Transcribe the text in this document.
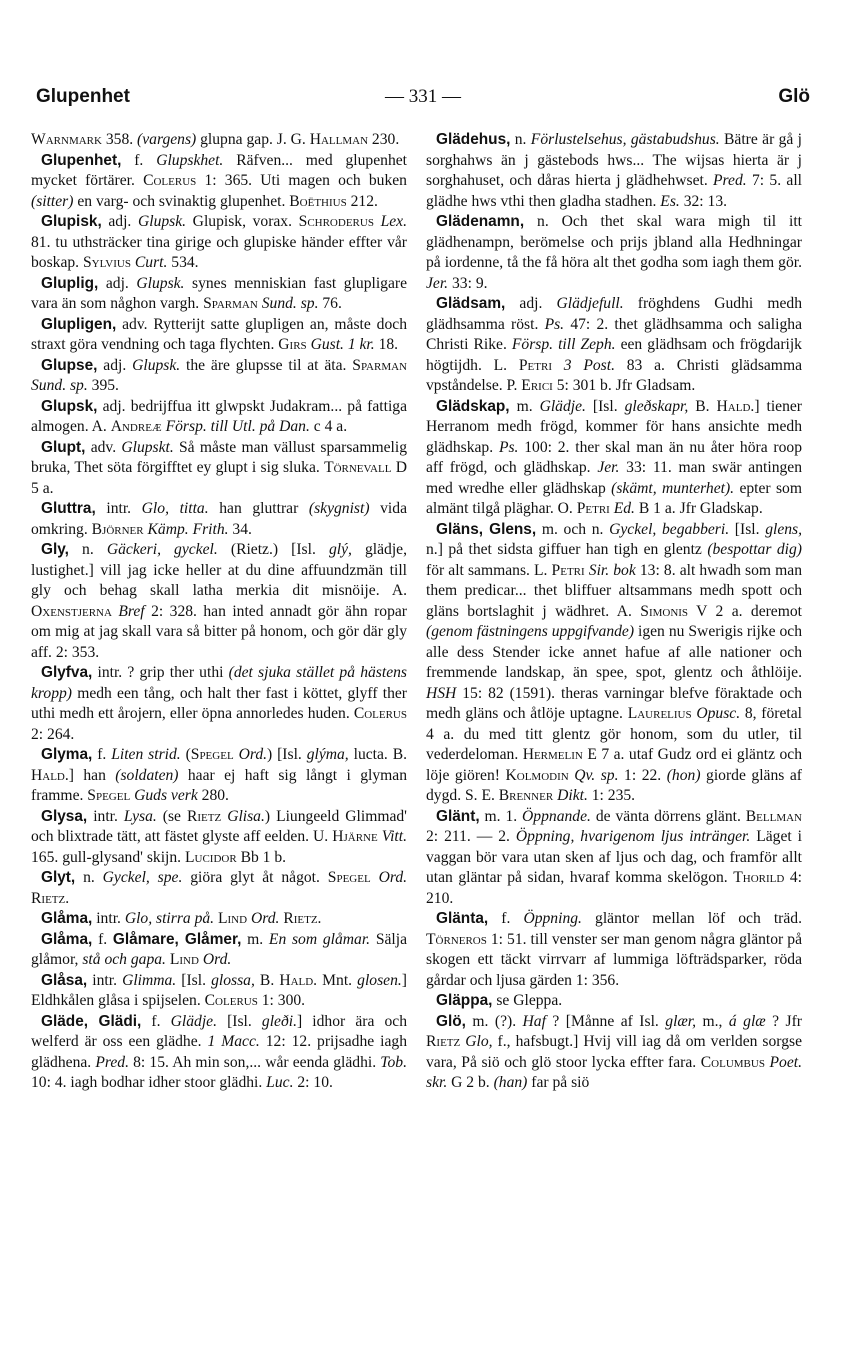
Glupenhet	— 331 —	Glö

Warnmark 358. (vargens) glupna gap. J. G. Hallman 230.

Glupenhet, f. Glupskhet. Räfven... med glupenhet mycket förtärer. Colerus 1: 365. Uti magen och buken (sitter) en varg- och svinaktig glupenhet. Boëthius 212.

Glupisk, adj. Glupsk. Glupisk, vorax. Schroderus Lex. 81. tu uthsträcker tina girige och glupiske händer effter vår boskap. Sylvius Curt. 534.

Gluplig, adj. Glupsk. synes menniskian fast glupligare vara än som någhon vargh. Sparman Sund. sp. 76.

Glupligen, adv. Rytterijt satte glupligen an, måste doch straxt göra vendning och taga flychten. Girs Gust. 1 kr. 18.

Glupse, adj. Glupsk. the äre glupsse til at äta. Sparman Sund. sp. 395.

Glupsk, adj. bedrijffua itt glwpskt Judakram... på fattiga almogen. A. Andreæ Försp. till Utl. på Dan. c 4 a.

Glupt, adv. Glupskt. Så måste man vällust sparsammelig bruka, Thet söta förgifftet ey glupt i sig sluka. Törnevall D 5 a.

Gluttra, intr. Glo, titta. han gluttrar (skygnist) vida omkring. Björner Kämp. Frith. 34.

Gly, n. Gäckeri, gyckel. (Rietz.) [Isl. glý, glädje, lustighet.] vill jag icke heller at du dine affuundzmän till gly och behag skall latha merkia dit misnöije. A. Oxenstjerna Bref 2: 328. han inted annadt gör ähn ropar om mig at jag skall vara så bitter på honom, och gör där gly aff. 2: 353.

Glyfva, intr. ? grip ther uthi (det sjuka stället på hästens kropp) medh een tång, och halt ther fast i köttet, glyff ther uthi medh ett årojern, eller öpna annorledes huden. Colerus 2: 264.

Glyma, f. Liten strid. (Spegel Ord.) [Isl. glýma, lucta. B. Hald.] han (soldaten) haar ej haft sig långt i glyman framme. Spegel Guds verk 280.

Glysa, intr. Lysa. (se Rietz Glisa.) Liungeeld Glimmad' och blixtrade tätt, att fästet glyste aff eelden. U. Hjärne Vitt. 165. gull-glysand' skijn. Lucidor Bb 1 b.

Glyt, n. Gyckel, spe. giöra glyt åt något. Spegel Ord. Rietz.

Glåma, intr. Glo, stirra på. Lind Ord. Rietz.

Glåma, f. Glåmare, Glåmer, m. En som glåmar. Sälja glåmor, stå och gapa. Lind Ord.

Glåsa, intr. Glimma. [Isl. glossa, B. Hald. Mnt. glosen.] Eldhkålen glåsa i spijselen. Colerus 1: 300.

Gläde, Glädi, f. Glädje. [Isl. gleði.] idhor ära och welferd är oss een glädhe. 1 Macc. 12: 12. prijsadhe iagh glädhena. Pred. 8: 15. Ah min son,... wår eenda glädhi. Tob. 10: 4. iagh bodhar idher stoor glädhi. Luc. 2: 10.

Glädehus, n. Förlustelsehus, gästabudshus. Bätre är gå j sorghahws än j gästebods hws... The wijsas hierta är j sorghahuset, och dåras hierta j glädhehwset. Pred. 7: 5. all glädhe hws vthi then gladha stadhen. Es. 32: 13.

Glädenamn, n. Och thet skal wara migh til itt glädhenampn, berömelse och prijs jbland alla Hedhningar på iordenne, tå the få höra alt thet godha som iagh them gör. Jer. 33: 9.

Glädsam, adj. Glädjefull. fröghdens Gudhi medh glädhsamma röst. Ps. 47: 2. thet glädhsamma och saligha Christi Rike. Försp. till Zeph. een glädhsam och frögdarijk högtijdh. L. Petri 3 Post. 83 a. Christi glädsamma vpståndelse. P. Erici 5: 301 b. Jfr Gladsam.

Glädskap, m. Glädje. [Isl. gleðskapr, B. Hald.] tiener Herranom medh frögd, kommer för hans ansichte medh glädhskap. Ps. 100: 2. ther skal man än nu åter höra roop aff frögd, och glädhskap. Jer. 33: 11. man swär antingen med wredhe eller glädhskap (skämt, munterhet). epter som almänt tilgå pläghar. O. Petri Ed. B 1 a. Jfr Gladskap.

Gläns, Glens, m. och n. Gyckel, begabberi. [Isl. glens, n.] på thet sidsta giffuer han tigh en glentz (bespottar dig) för alt sammans. L. Petri Sir. bok 13: 8. alt hwadh som man them predicar... thet bliffuer altsammans medh spott och gläns bortslaghit j wädhret. A. Simonis V 2 a. deremot (genom fästningens uppgifvande) igen nu Swerigis rijke och alle dess Stender icke annet hafue af alle nationer och fremmende landskap, än spee, spot, glentz och åthlöije. HSH 15: 82 (1591). theras varningar blefve föraktade och medh gläns och åtlöje uptagne. Laurelius Opusc. 8, företal 4 a. du med titt glentz gör honom, som du utler, til vederdeloman. Hermelin E 7 a. utaf Gudz ord ei gläntz och löje giören! Kolmodin Qv. sp. 1: 22. (hon) giorde gläns af dygd. S. E. Brenner Dikt. 1: 235.

Glänt, m. 1. Öppnande. de vänta dörrens glänt. Bellman 2: 211. — 2. Öppning, hvarigenom ljus intränger. Läget i vaggan bör vara utan sken af ljus och dag, och framför allt utan gläntar på sidan, hvaraf komma skelögon. Thorild 4: 210.

Glänta, f. Öppning. gläntor mellan löf och träd. Törneros 1: 51. till venster ser man genom några gläntor på skogen ett täckt virrvarr af lummiga löfträdsparker, röda gårdar och ljusa gärden 1: 356.

Gläppa, se Gleppa.

Glö, m. (?). Haf ? [Månne af Isl. glær, m., á glæ ? Jfr Rietz Glo, f., hafsbugt.] Hvij vill iag då om verlden sorgse vara, På siö och glö stoor lycka effter fara. Columbus Poet. skr. G 2 b. (han) far på siö
